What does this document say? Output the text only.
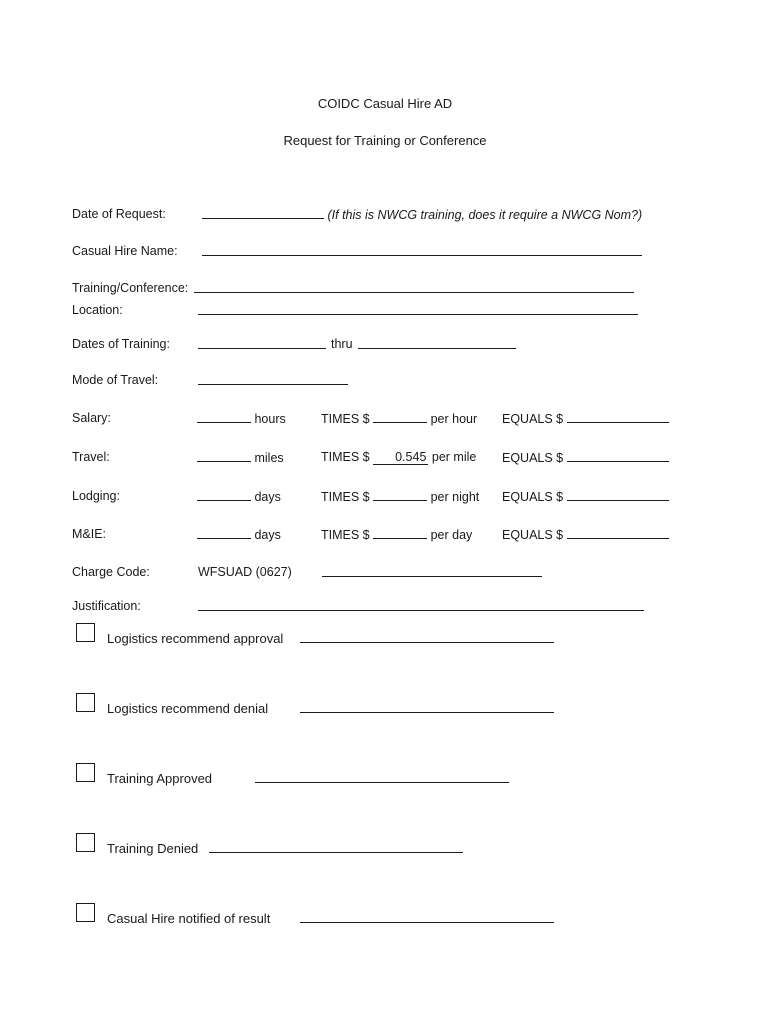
COIDC Casual Hire AD
Request for Training or Conference
Date of Request:	(If this is NWCG training, does it require a NWCG Nom?)
Casual Hire Name:
Training/Conference:
Location:
Dates of Training:	thru
Mode of Travel:
Salary:	hours	TIMES $	per hour EQUALS $
Travel:	miles	TIMES $ 0.545 per mile EQUALS $
Lodging:	days	TIMES $	per night EQUALS $
M&IE:	days	TIMES $	per day EQUALS $
Charge Code:	WFSUAD (0627)
Justification:
Logistics recommend approval
Logistics recommend denial
Training Approved
Training Denied
Casual Hire notified of result
